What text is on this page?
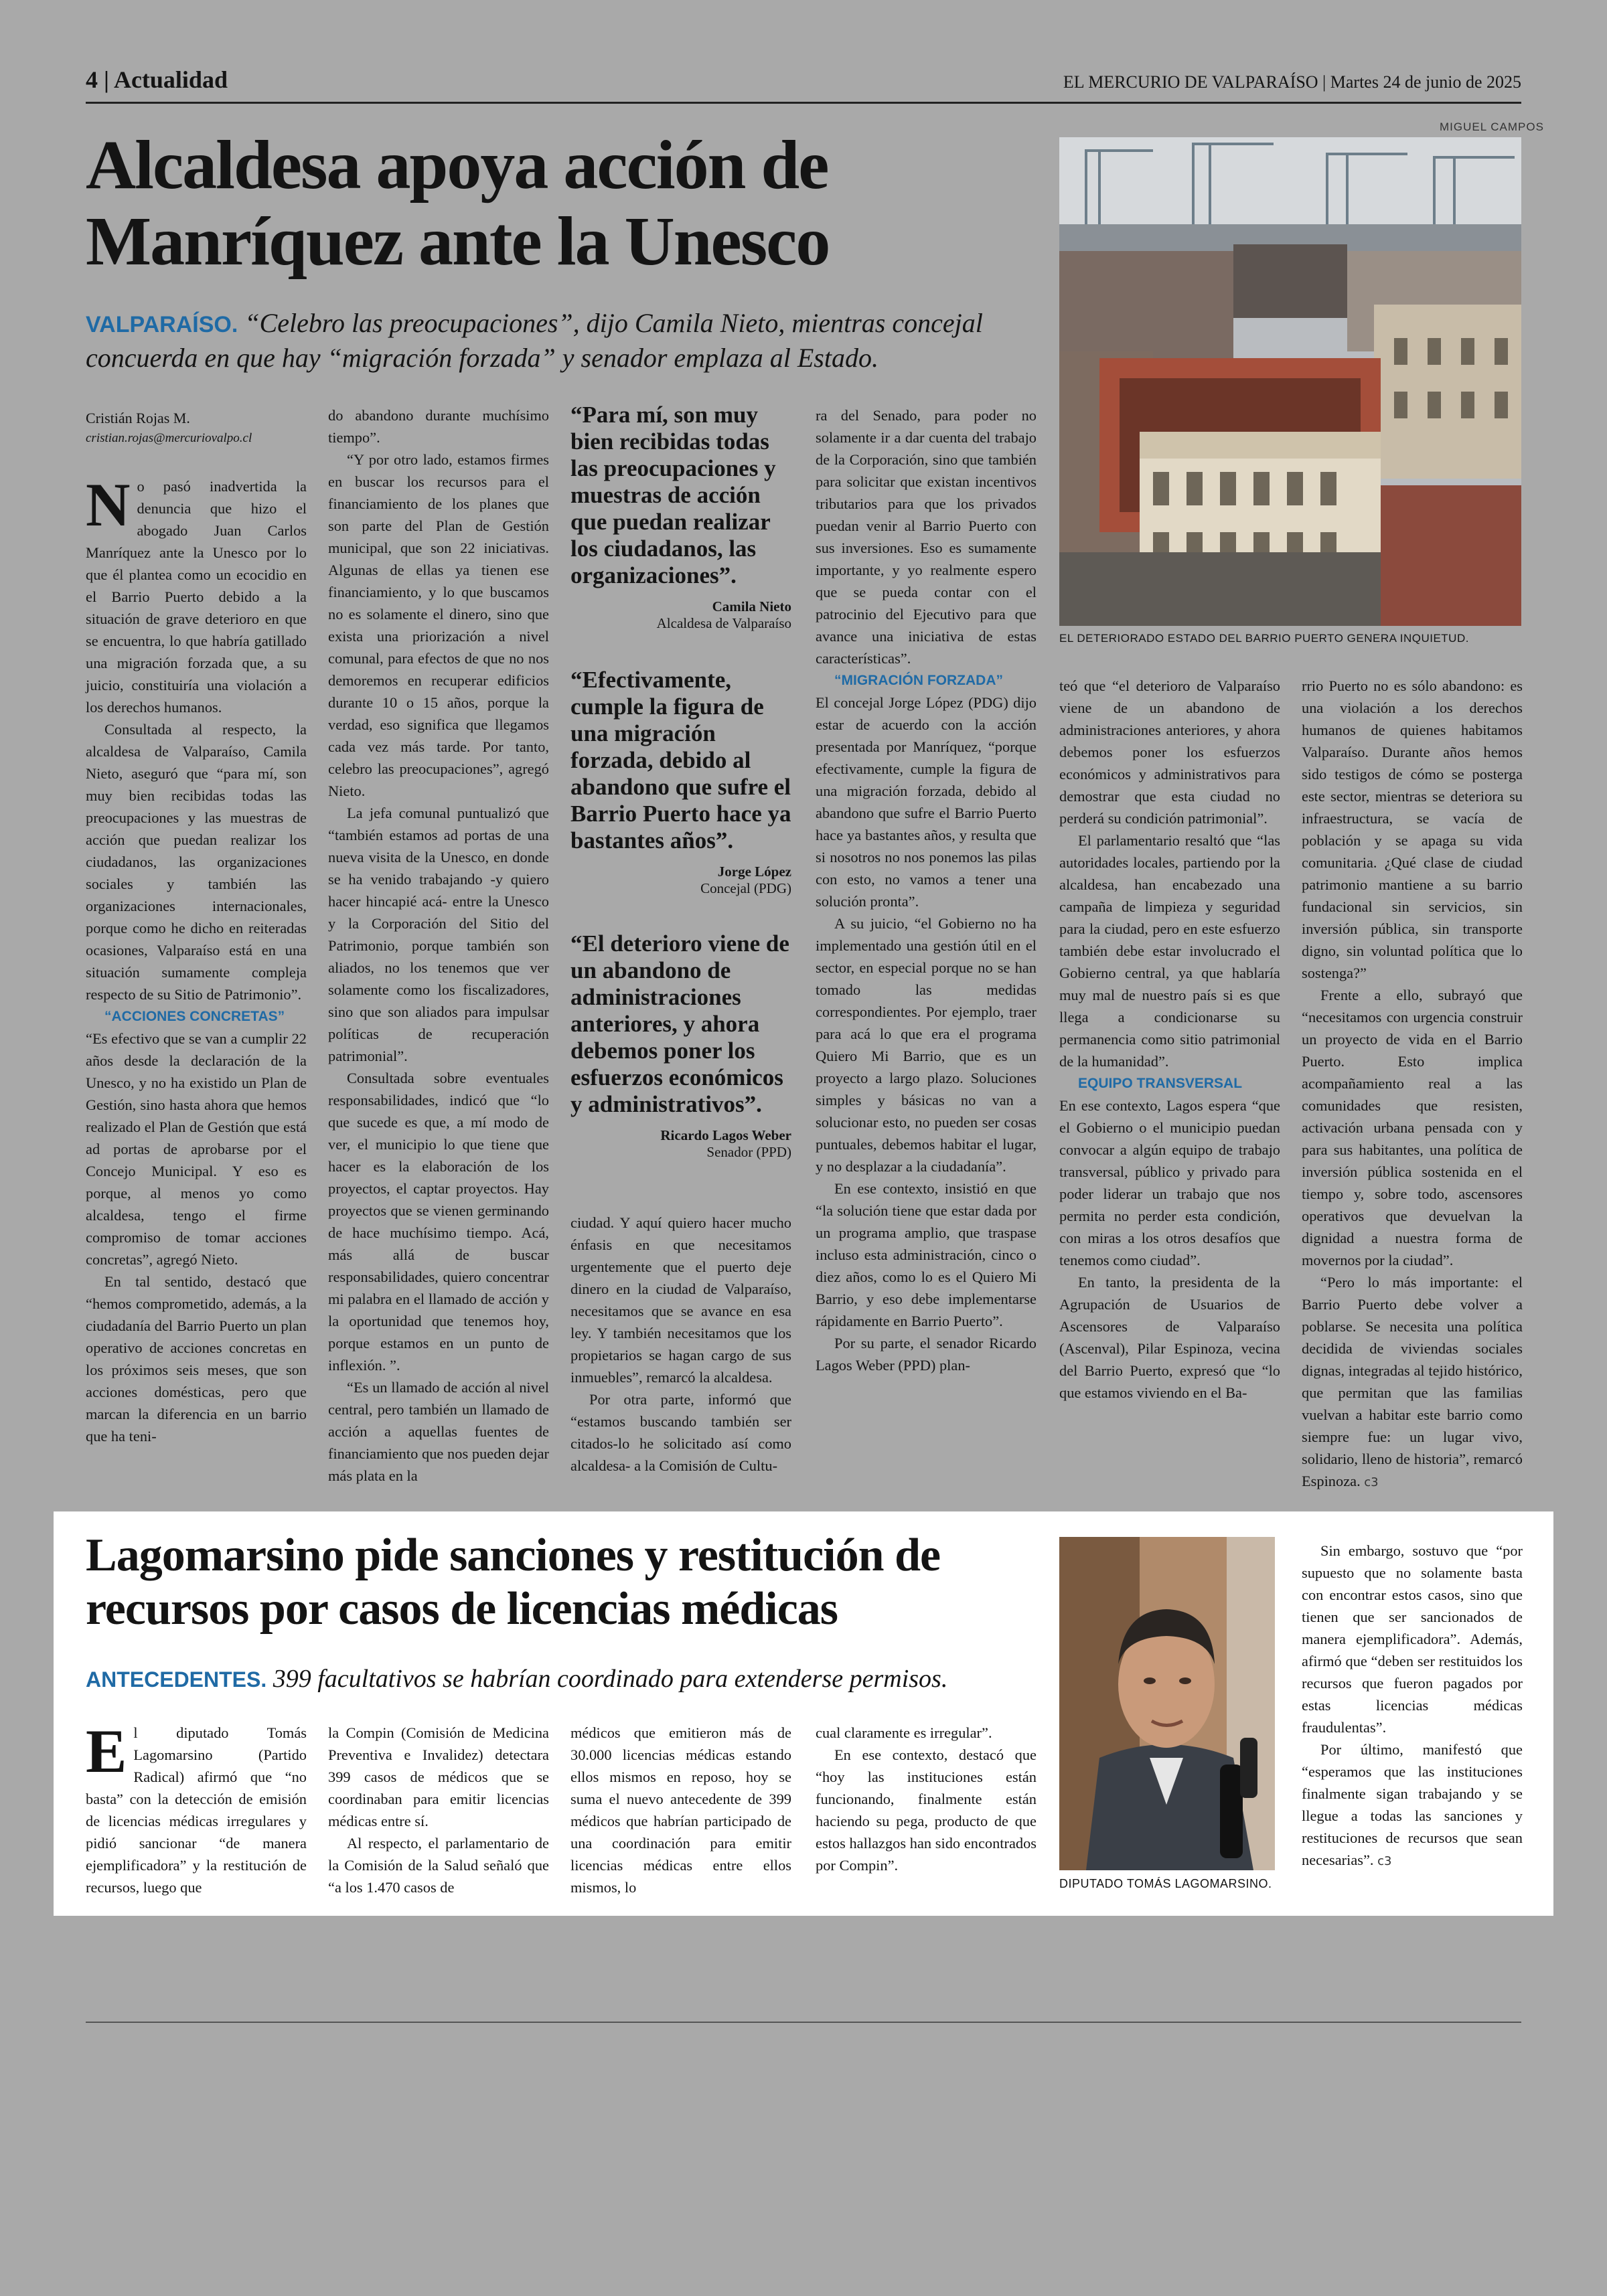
4 | Actualidad	EL MERCURIO DE VALPARAÍSO | Martes 24 de junio de 2025
Alcaldesa apoya acción de Manríquez ante la Unesco
VALPARAÍSO. “Celebro las preocupaciones”, dijo Camila Nieto, mientras concejal concuerda en que hay “migración forzada” y senador emplaza al Estado.
MIGUEL CAMPOS
EL DETERIORADO ESTADO DEL BARRIO PUERTO GENERA INQUIETUD.
Cristián Rojas M.
cristian.rojas@mercuriovalpo.cl

No pasó inadvertida la denuncia que hizo el abogado Juan Carlos Manríquez ante la Unesco por lo que él plantea como un ecocidio en el Barrio Puerto debido a la situación de grave deterioro en que se encuentra, lo que habría gatillado una migración forzada que, a su juicio, constituiría una violación a los derechos humanos.

Consultada al respecto, la alcaldesa de Valparaíso, Camila Nieto, aseguró que “para mí, son muy bien recibidas todas las preocupaciones y las muestras de acción que puedan realizar los ciudadanos, las organizaciones sociales y también las organizaciones internacionales, porque como he dicho en reiteradas ocasiones, Valparaíso está en una situación sumamente compleja respecto de su Sitio de Patrimonio”.

“ACCIONES CONCRETAS”

“Es efectivo que se van a cumplir 22 años desde la declaración de la Unesco, y no ha existido un Plan de Gestión, sino hasta ahora que hemos realizado el Plan de Gestión que está ad portas de aprobarse por el Concejo Municipal. Y eso es porque, al menos yo como alcaldesa, tengo el firme compromiso de tomar acciones concretas”, agregó Nieto.

En tal sentido, destacó que “hemos comprometido, además, a la ciudadanía del Barrio Puerto un plan operativo de acciones concretas en los próximos seis meses, que son acciones domésticas, pero que marcan la diferencia en un barrio que ha teni-

do abandono durante muchísimo tiempo”.

“Y por otro lado, estamos firmes en buscar los recursos para el financiamiento de los planes que son parte del Plan de Gestión municipal, que son 22 iniciativas. Algunas de ellas ya tienen ese financiamiento, y lo que buscamos no es solamente el dinero, sino que exista una priorización a nivel comunal, para efectos de que no nos demoremos en recuperar edificios durante 10 o 15 años, porque la verdad, eso significa que llegamos cada vez más tarde. Por tanto, celebro las preocupaciones”, agregó Nieto.

La jefa comunal puntualizó que “también estamos ad portas de una nueva visita de la Unesco, en donde se ha venido trabajando -y quiero hacer hincapié acá- entre la Unesco y la Corporación del Sitio del Patrimonio, porque también son aliados, no los tenemos que ver solamente como los fiscalizadores, sino que son aliados para impulsar políticas de recuperación patrimonial”.

Consultada sobre eventuales responsabilidades, indicó que “lo que sucede es que, a mí modo de ver, el municipio lo que tiene que hacer es la elaboración de los proyectos, el captar proyectos. Hay proyectos que se vienen germinando de hace muchísimo tiempo. Acá, más allá de buscar responsabilidades, quiero concentrar mi palabra en el llamado de acción y la oportunidad que tenemos hoy, porque estamos en un punto de inflexión. ”.

“Es un llamado de acción al nivel central, pero también un llamado de acción a aquellas fuentes de financiamiento que nos pueden dejar más plata en la

“Para mí, son muy bien recibidas todas las preocupaciones y muestras de acción que puedan realizar los ciudadanos, las organizaciones”.
Camila Nieto
Alcaldesa de Valparaíso
“Efectivamente, cumple la figura de una migración forzada, debido al abandono que sufre el Barrio Puerto hace ya bastantes años”.
Jorge López
Concejal (PDG)
“El deterioro viene de un abandono de administraciones anteriores, y ahora debemos poner los esfuerzos económicos y administrativos”.
Ricardo Lagos Weber
Senador (PPD)

ciudad. Y aquí quiero hacer mucho énfasis en que necesitamos urgentemente que el puerto deje dinero en la ciudad de Valparaíso, necesitamos que se avance en esa ley. Y también necesitamos que los propietarios se hagan cargo de sus inmuebles”, remarcó la alcaldesa.

Por otra parte, informó que “estamos buscando también ser citados-lo he solicitado así como alcaldesa- a la Comisión de Cultu-

ra del Senado, para poder no solamente ir a dar cuenta del trabajo de la Corporación, sino que también para solicitar que existan incentivos tributarios para que los privados puedan venir al Barrio Puerto con sus inversiones. Eso es sumamente importante, y yo realmente espero que se pueda contar con el patrocinio del Ejecutivo para que avance una iniciativa de estas características”.

“MIGRACIÓN FORZADA”

El concejal Jorge López (PDG) dijo estar de acuerdo con la acción presentada por Manríquez, “porque efectivamente, cumple la figura de una migración forzada, debido al abandono que sufre el Barrio Puerto hace ya bastantes años, y resulta que si nosotros no nos ponemos las pilas con esto, no vamos a tener una solución pronta”.

A su juicio, “el Gobierno no ha implementado una gestión útil en el sector, en especial porque no se han tomado las medidas correspondientes. Por ejemplo, traer para acá lo que era el programa Quiero Mi Barrio, que es un proyecto a largo plazo. Soluciones simples y básicas no van a solucionar esto, no pueden ser cosas puntuales, debemos habitar el lugar, y no desplazar a la ciudadanía”.

En ese contexto, insistió en que “la solución tiene que estar dada por un programa amplio, que traspase incluso esta administración, cinco o diez años, como lo es el Quiero Mi Barrio, y eso debe implementarse rápidamente en Barrio Puerto”.

Por su parte, el senador Ricardo Lagos Weber (PPD) plan-

teó que “el deterioro de Valparaíso viene de un abandono de administraciones anteriores, y ahora debemos poner los esfuerzos económicos y administrativos para demostrar que esta ciudad no perderá su condición patrimonial”.

El parlamentario resaltó que “las autoridades locales, partiendo por la alcaldesa, han encabezado una campaña de limpieza y seguridad para la ciudad, pero en este esfuerzo también debe estar involucrado el Gobierno central, ya que hablaría muy mal de nuestro país si es que llega a condicionarse su permanencia como sitio patrimonial de la humanidad”.

EQUIPO TRANSVERSAL

En ese contexto, Lagos espera “que el Gobierno o el municipio puedan convocar a algún equipo de trabajo transversal, público y privado para poder liderar un trabajo que nos permita no perder esta condición, con miras a los otros desafíos que tenemos como ciudad”.

En tanto, la presidenta de la Agrupación de Usuarios de Ascensores de Valparaíso (Ascenval), Pilar Espinoza, vecina del Barrio Puerto, expresó que “lo que estamos viviendo en el Ba-

rrio Puerto no es sólo abandono: es una violación a los derechos humanos de quienes habitamos Valparaíso. Durante años hemos sido testigos de cómo se posterga este sector, mientras se deteriora su infraestructura, se vacía de población y se apaga su vida comunitaria. ¿Qué clase de ciudad patrimonio mantiene a su barrio fundacional sin servicios, sin inversión pública, sin transporte digno, sin voluntad política que lo sostenga?”

Frente a ello, subrayó que “necesitamos con urgencia construir un proyecto de vida en el Barrio Puerto. Esto implica acompañamiento real a las comunidades que resisten, activación urbana pensada con y para sus habitantes, una política de inversión pública sostenida en el tiempo y, sobre todo, ascensores operativos que devuelvan la dignidad a nuestra forma de movernos por la ciudad”.

“Pero lo más importante: el Barrio Puerto debe volver a poblarse. Se necesita una política decidida de viviendas sociales dignas, integradas al tejido histórico, que permitan que las familias vuelvan a habitar este barrio como siempre fue: un lugar vivo, solidario, lleno de historia”, remarcó Espinoza. c3

Lagomarsino pide sanciones y restitución de recursos por casos de licencias médicas
ANTECEDENTES. 399 facultativos se habrían coordinado para extenderse permisos.
DIPUTADO TOMÁS LAGOMARSINO.

El diputado Tomás Lagomarsino (Partido Radical) afirmó que “no basta” con la detección de emisión de licencias médicas irregulares y pidió sancionar “de manera ejemplificadora” y la restitución de recursos, luego que

la Compin (Comisión de Medicina Preventiva e Invalidez) detectara 399 casos de médicos que se coordinaban para emitir licencias médicas entre sí.

Al respecto, el parlamentario de la Comisión de la Salud señaló que “a los 1.470 casos de

médicos que emitieron más de 30.000 licencias médicas estando ellos mismos en reposo, hoy se suma el nuevo antecedente de 399 médicos que habrían participado de una coordinación para emitir licencias médicas entre ellos mismos, lo

cual claramente es irregular”.

En ese contexto, destacó que “hoy las instituciones están funcionando, finalmente están haciendo su pega, producto de que estos hallazgos han sido encontrados por Compin”.

Sin embargo, sostuvo que “por supuesto que no solamente basta con encontrar estos casos, sino que tienen que ser sancionados de manera ejemplificadora”. Además, afirmó que “deben ser restituidos los recursos que fueron pagados por estas licencias médicas fraudulentas”.

Por último, manifestó que “esperamos que las instituciones finalmente sigan trabajando y se llegue a todas las sanciones y restituciones de recursos que sean necesarias”. c3
